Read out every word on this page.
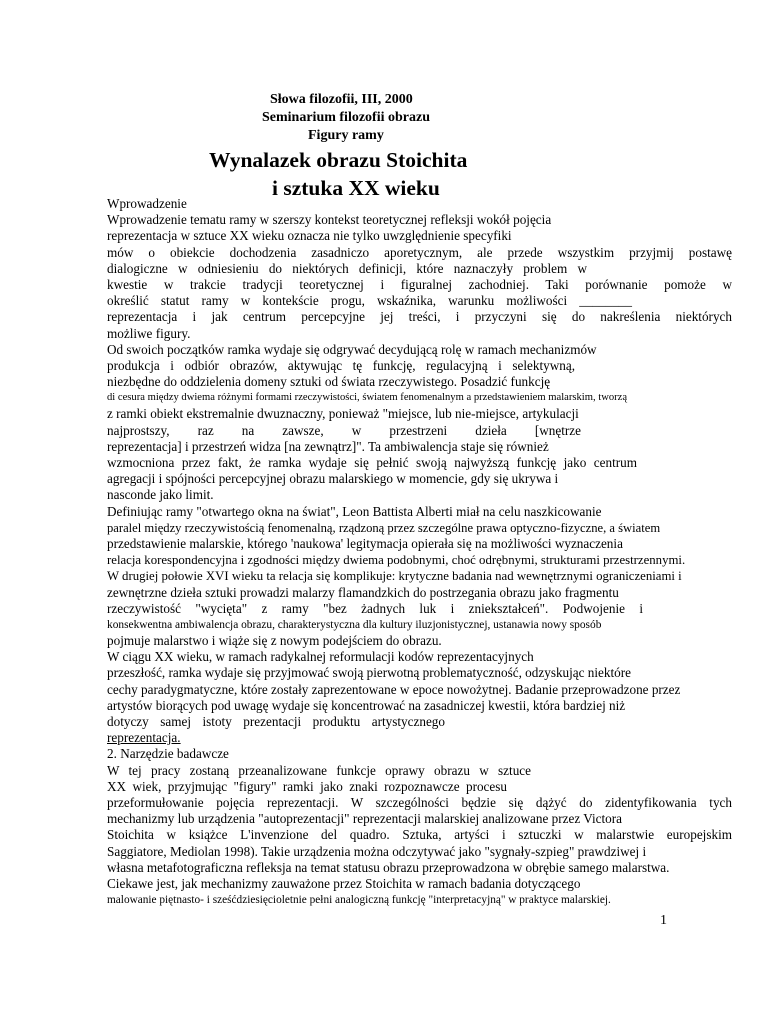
Słowa filozofii, III, 2000
Seminarium filozofii obrazu
Figury ramy
Wynalazek obrazu Stoichita
i sztuka XX wieku
Wprowadzenie
Wprowadzenie tematu ramy w szerszy kontekst teoretycznej refleksji wokół pojęcia
reprezentacja w sztuce XX wieku oznacza nie tylko uwzględnienie specyfiki
mów o obiekcie dochodzenia zasadniczo aporetycznym, ale przede wszystkim przyjmij postawę
dialogiczne w odniesieniu do niektórych definicji, które naznaczyły problem w
kwestie w trakcie tradycji teoretycznej i figuralnej zachodniej. Taki porównanie pomoże w
określić statut ramy w kontekście progu, wskaźnika, warunku możliwości ________
reprezentacja i jak centrum percepcyjne jej treści, i przyczyni się do nakreślenia niektórych
możliwe figury.
Od swoich początków ramka wydaje się odgrywać decydującą rolę w ramach mechanizmów
produkcja i odbiór obrazów, aktywując tę funkcję, regulacyjną i selektywną,
niezbędne do oddzielenia domeny sztuki od świata rzeczywistego. Posadzić funkcję
di cesura między dwiema różnymi formami rzeczywistości, światem fenomenalnym a przedstawieniem malarskim, tworzą
z ramki obiekt ekstremalnie dwuznaczny, ponieważ "miejsce, lub nie-miejsce, artykulacji
najprostszy, raz na zawsze, w przestrzeni dzieła [wnętrze
reprezentacja] i przestrzeń widza [na zewnątrz]". Ta ambiwalencja staje się również
wzmocniona przez fakt, że ramka wydaje się pełnić swoją najwyższą funkcję jako centrum
agregacji i spójności percepcyjnej obrazu malarskiego w momencie, gdy się ukrywa i
nasconde jako limit.
Definiując ramy "otwartego okna na świat", Leon Battista Alberti miał na celu naszkicowanie
paralel między rzeczywistością fenomenalną, rządzoną przez szczególne prawa optyczno-fizyczne, a światem
przedstawienie malarskie, którego 'naukowa' legitymacja opierała się na możliwości wyznaczenia
relacja korespondencyjna i zgodności między dwiema podobnymi, choć odrębnymi, strukturami przestrzennymi.
W drugiej połowie XVI wieku ta relacja się komplikuje: krytyczne badania nad wewnętrznymi ograniczeniami i
zewnętrzne dzieła sztuki prowadzi malarzy flamandzkich do postrzegania obrazu jako fragmentu
rzeczywistość "wycięta" z ramy "bez żadnych luk i zniekształceń". Podwojenie i
konsekwentna ambiwalencja obrazu, charakterystyczna dla kultury iluzjonistycznej, ustanawia nowy sposób
pojmuje malarstwo i wiąże się z nowym podejściem do obrazu.
W ciągu XX wieku, w ramach radykalnej reformulacji kodów reprezentacyjnych
przeszłość, ramka wydaje się przyjmować swoją pierwotną problematyczność, odzyskując niektóre
cechy paradygmatyczne, które zostały zaprezentowane w epoce nowożytnej. Badanie przeprowadzone przez
artystów biorących pod uwagę wydaje się koncentrować na zasadniczej kwestii, która bardziej niż
dotyczy samej istoty prezentacji produktu artystycznego
reprezentacja.
2. Narzędzie badawcze
W tej pracy zostaną przeanalizowane funkcje oprawy obrazu w sztuce
XX wiek, przyjmując "figury" ramki jako znaki rozpoznawcze procesu
przeformułowanie pojęcia reprezentacji. W szczególności będzie się dążyć do zidentyfikowania tych
mechanizmy lub urządzenia "autoprezentacji" reprezentacji malarskiej analizowane przez Victora
Stoichita w książce L'invenzione del quadro. Sztuka, artyści i sztuczki w malarstwie europejskim
Saggiatore, Mediolan 1998). Takie urządzenia można odczytywać jako "sygnały-szpieg" prawdziwej i
własna metafotograficzna refleksja na temat statusu obrazu przeprowadzona w obrębie samego malarstwa.
Ciekawe jest, jak mechanizmy zauważone przez Stoichita w ramach badania dotyczącego
malowanie piętnasto- i sześćdziesięcioletnie pełni analogiczną funkcję "interpretacyjną" w praktyce malarskiej.
1
